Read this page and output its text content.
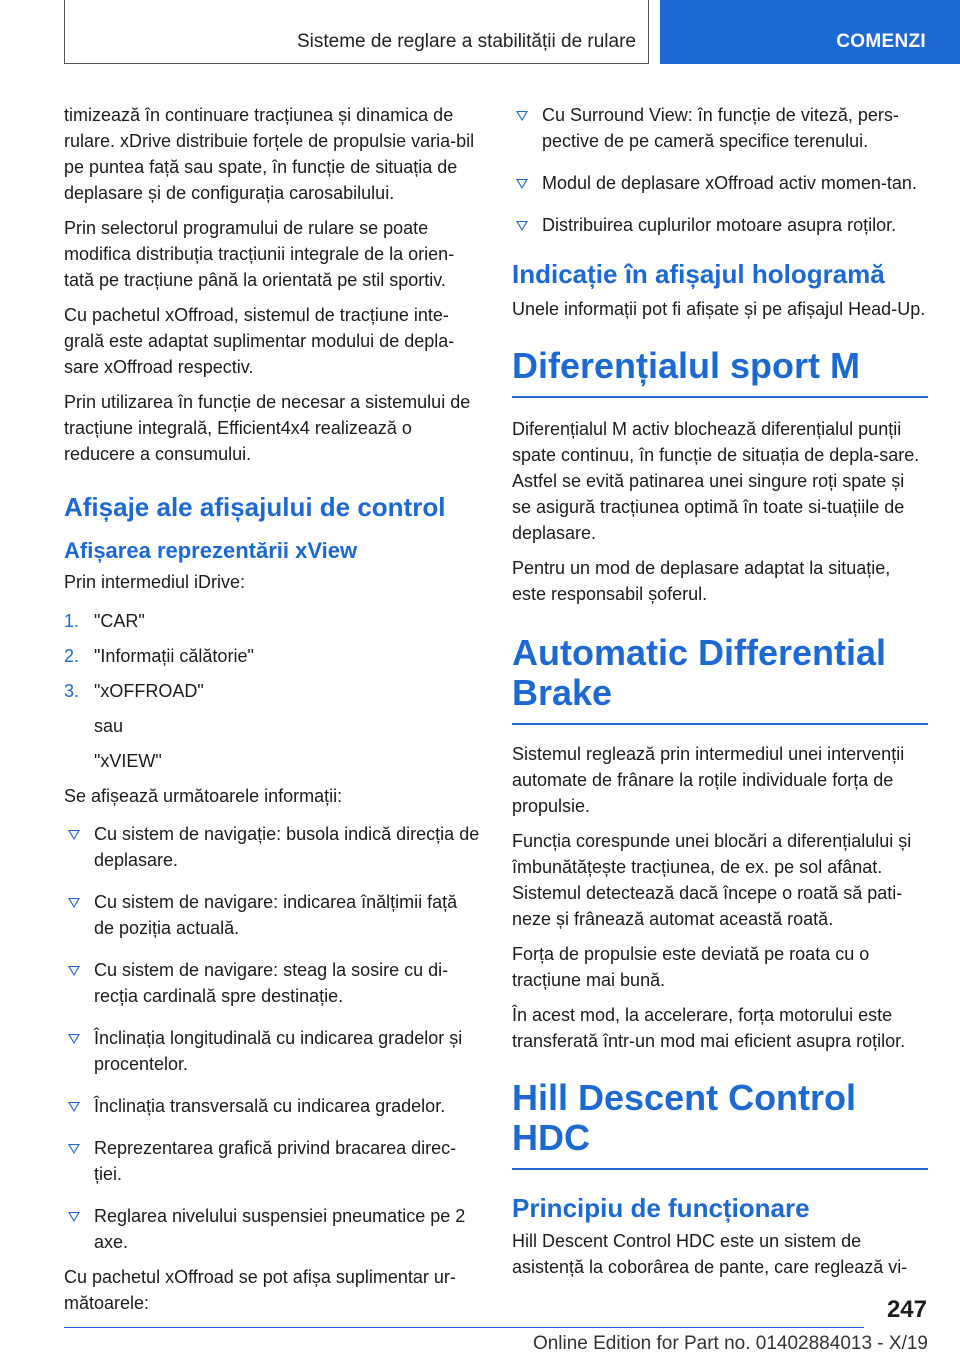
Sisteme de reglare a stabilității de rulare	COMENZI

timizează în continuare tracțiunea și dinamica de rulare. xDrive distribuie forțele de propulsie varia‐bil pe puntea față sau spate, în funcție de situația de deplasare și de configurația carosabilului.

Prin selectorul programului de rulare se poate modifica distribuția tracțiunii integrale de la orien‐tată pe tracțiune până la orientată pe stil sportiv.

Cu pachetul xOffroad, sistemul de tracțiune inte‐grală este adaptat suplimentar modului de depla‐sare xOffroad respectiv.

Prin utilizarea în funcție de necesar a sistemului de tracțiune integrală, Efficient4x4 realizează o reducere a consumului.

Afișaje ale afișajului de control
Afișarea reprezentării xView

Prin intermediul iDrive:

1. "CAR"
2. "Informații călătorie"
3. "xOFFROAD"
sau
"xVIEW"

Se afișează următoarele informații:

Cu sistem de navigație: busola indică direcția de deplasare.
Cu sistem de navigare: indicarea înălțimii față de poziția actuală.
Cu sistem de navigare: steag la sosire cu di‐recția cardinală spre destinație.
Înclinația longitudinală cu indicarea gradelor și procentelor.
Înclinația transversală cu indicarea gradelor.
Reprezentarea grafică privind bracarea direc‐ției.
Reglarea nivelului suspensiei pneumatice pe 2 axe.

Cu pachetul xOffroad se pot afișa suplimentar ur‐mătoarele:

Cu Surround View: în funcție de viteză, pers‐pective de pe cameră specifice terenului.
Modul de deplasare xOffroad activ momen‐tan.
Distribuirea cuplurilor motoare asupra roților.
Indicație în afișajul hologramă

Unele informații pot fi afișate și pe afișajul Head-Up.

Diferențialul sport M

Diferențialul M activ blochează diferențialul punții spate continuu, în funcție de situația de depla‐sare. Astfel se evită patinarea unei singure roți spate și se asigură tracțiunea optimă în toate si‐tuațiile de deplasare.

Pentru un mod de deplasare adaptat la situație, este responsabil șoferul.

Automatic Differential Brake

Sistemul reglează prin intermediul unei intervenții automate de frânare la roțile individuale forța de propulsie.

Funcția corespunde unei blocări a diferențialului și îmbunătățește tracțiunea, de ex. pe sol afânat. Sistemul detectează dacă începe o roată să pati‐neze și frânează automat această roată.

Forța de propulsie este deviată pe roata cu o tracțiune mai bună.

În acest mod, la accelerare, forța motorului este transferată într-un mod mai eficient asupra roților.

Hill Descent Control HDC
Principiu de funcționare

Hill Descent Control HDC este un sistem de asistență la coborârea de pante, care reglează vi‐

247
Online Edition for Part no. 01402884013 - X/19
